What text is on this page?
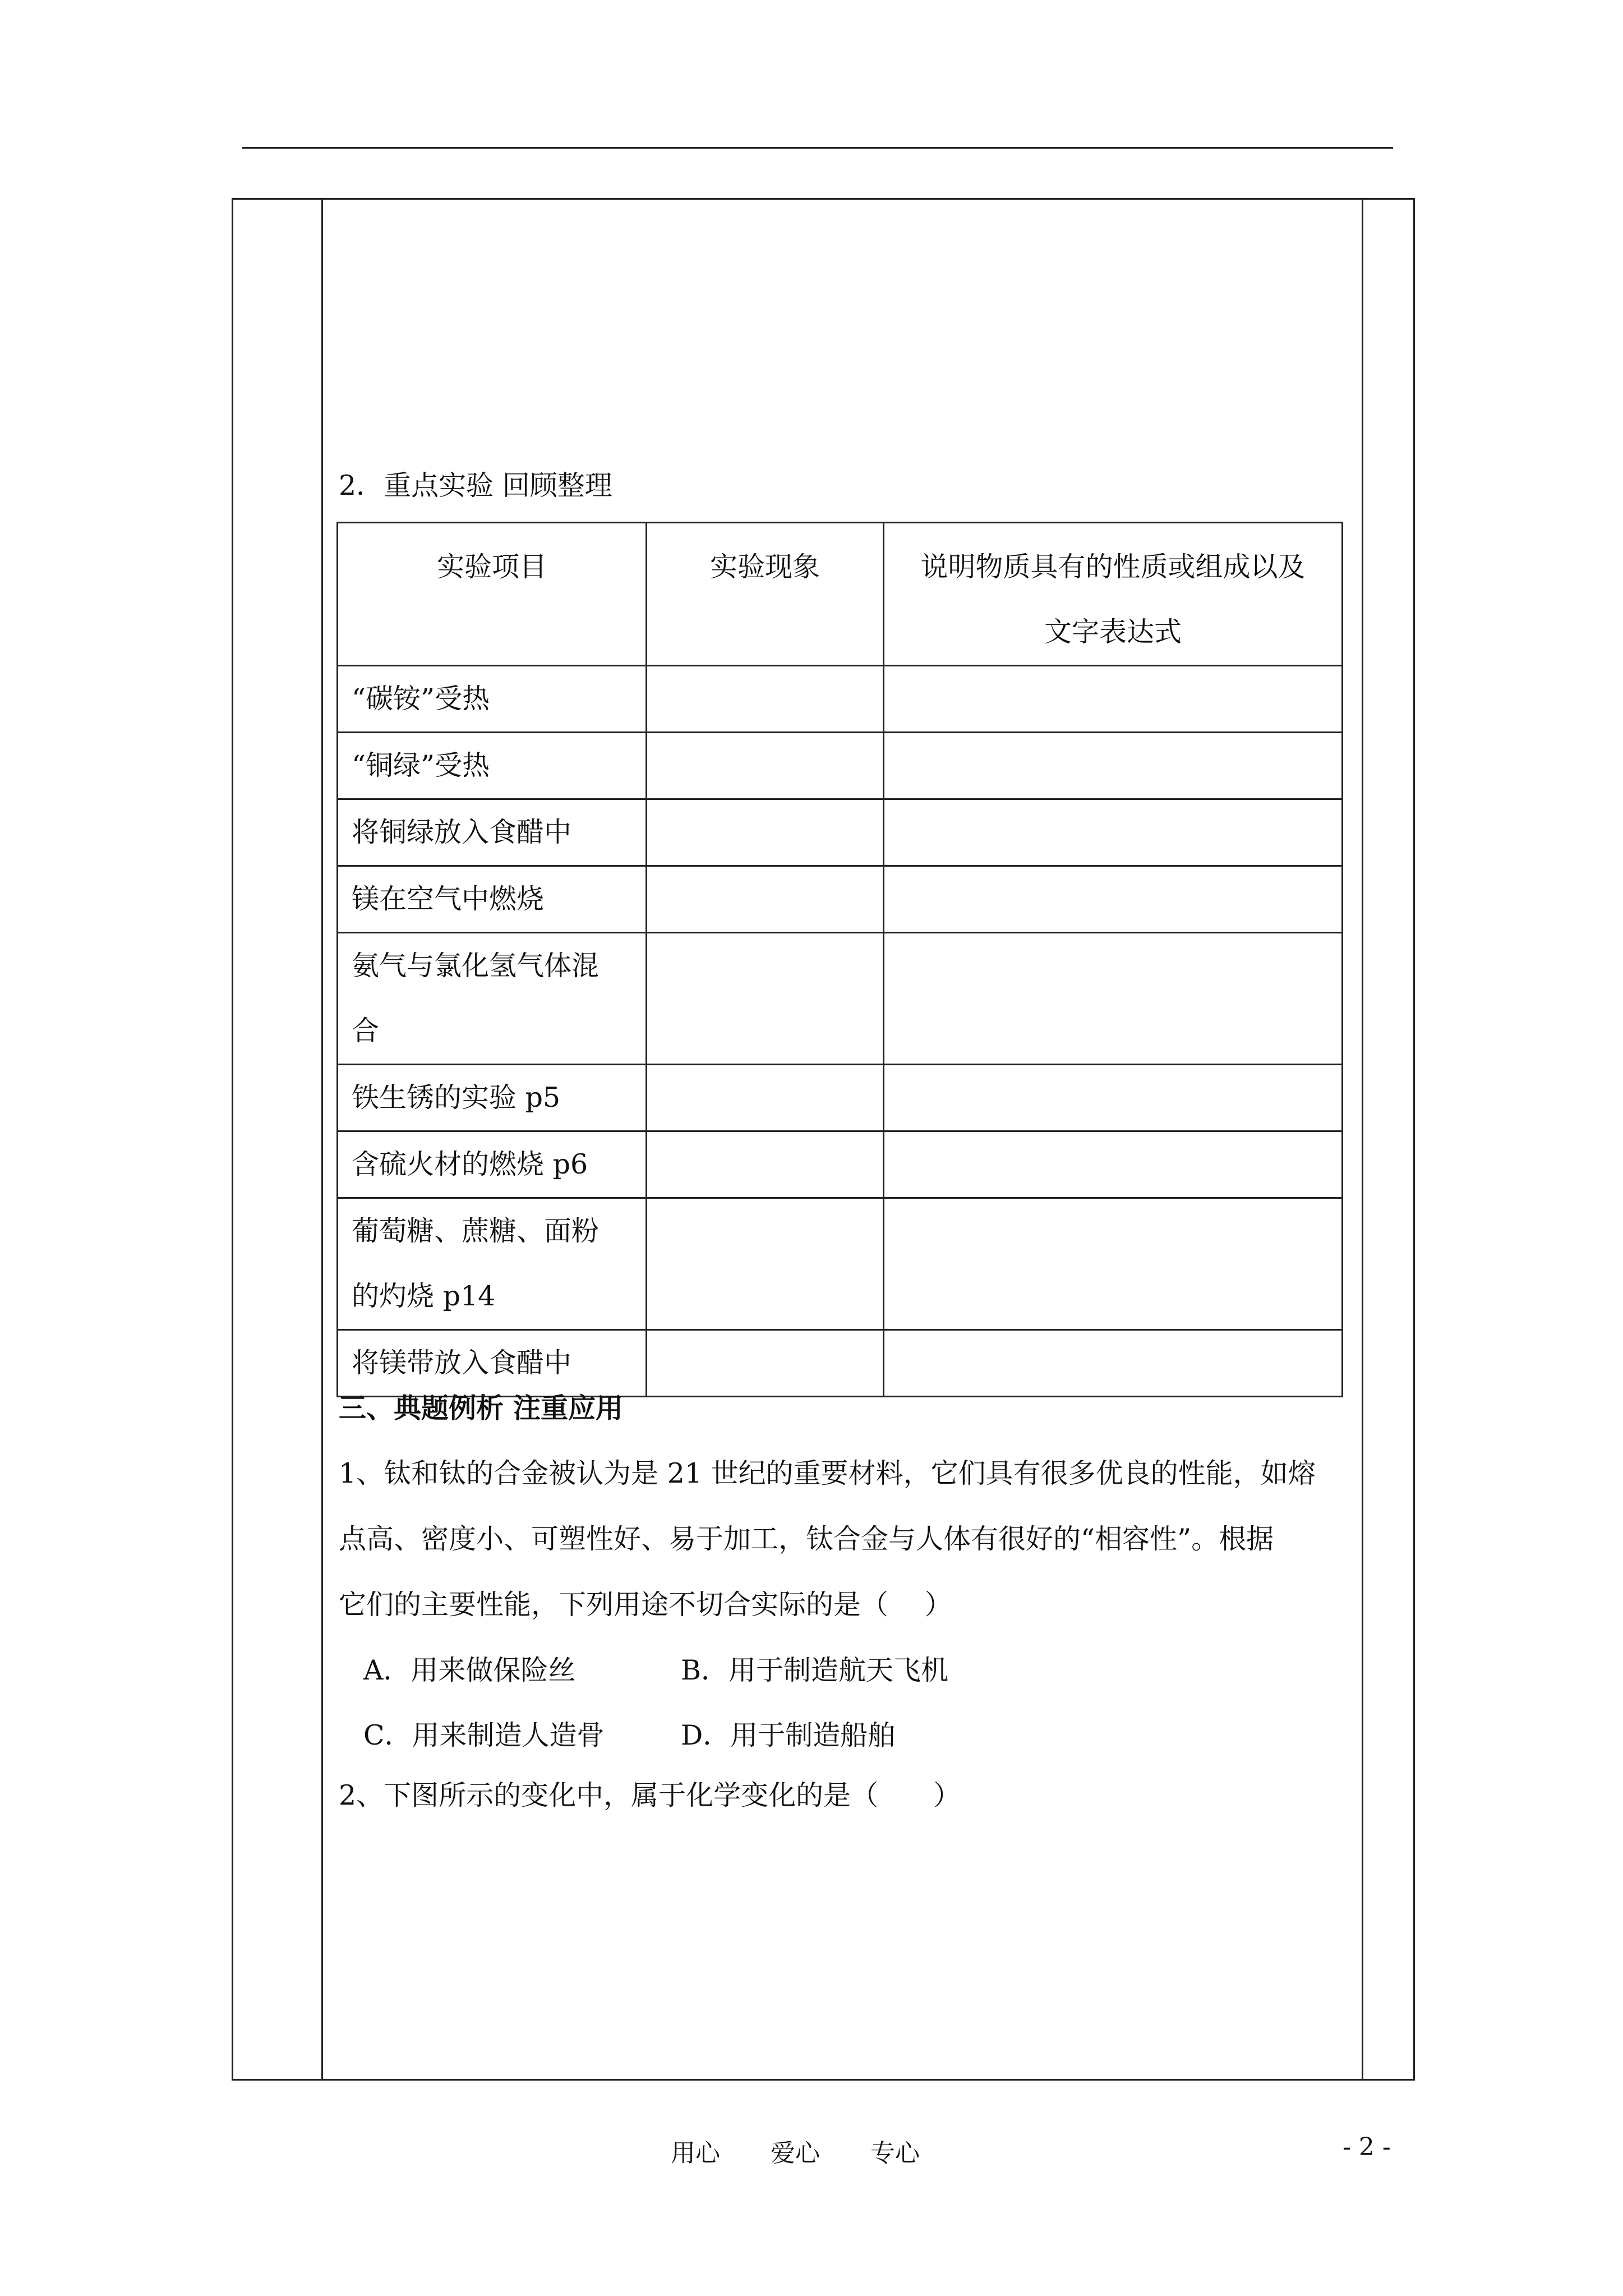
2．重点实验 回顾整理
实验项目	实验现象	说明物质具有的性质或组成以及
文字表达式

“碳铵”受热		
“铜绿”受热		
将铜绿放入食醋中		
镁在空气中燃烧		

氨气与氯化氢气体混
合		

铁生锈的实验 p5		
含硫火材的燃烧 p6		

葡萄糖、蔗糖、面粉
的灼烧 p14		

将镁带放入食醋中		
三、典题例析 注重应用
1、钛和钛的合金被认为是 21 世纪的重要材料，它们具有很多优良的性能，如熔
点高、密度小、可塑性好、易于加工，钛合金与人体有很好的“相容性”。根据
它们的主要性能，下列用途不切合实际的是（　 ）
A．用来做保险丝	B．用于制造航天飞机
C．用来制造人造骨	D．用于制造船舶
2、下图所示的变化中，属于化学变化的是（　　）
用心 爱心 专心	- 2 -
